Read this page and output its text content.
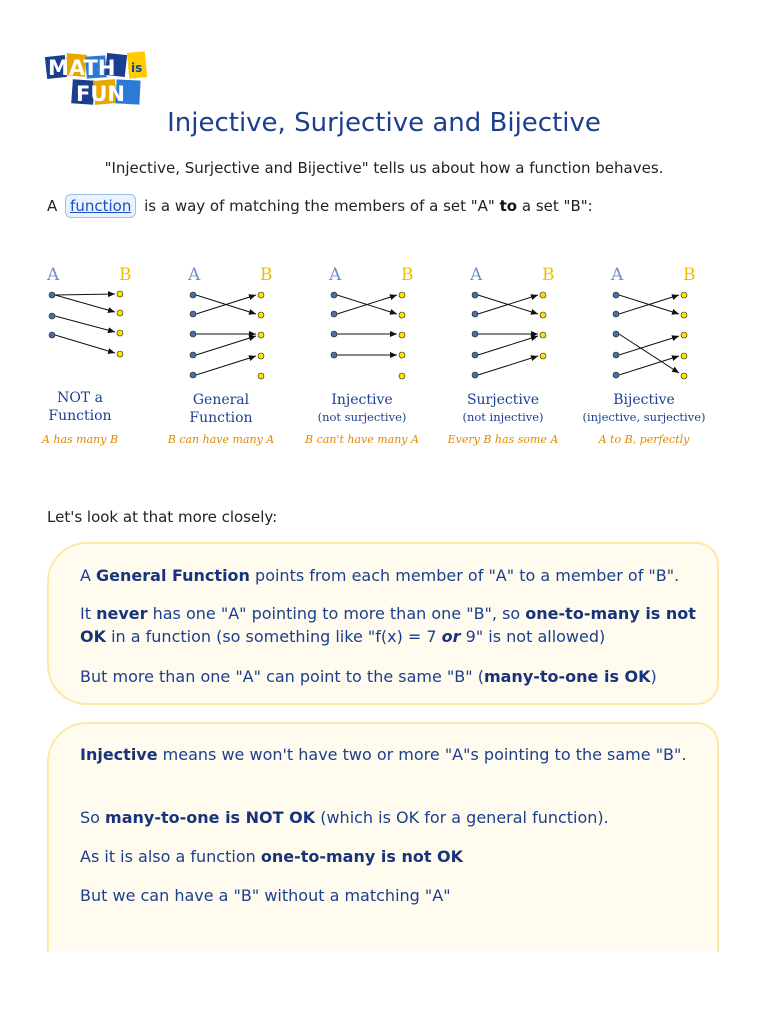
MATH is
FUN
Injective, Surjective and Bijective
"Injective, Surjective and Bijective" tells us about how a function behaves.
A function is a way of matching the members of a set "A" to a set "B":
A	B
NOT a
Function
A has many B
A	B
General
Function
B can have many A
A	B
Injective
(not surjective)
B can't have many A
A	B
Surjective
(not injective)
Every B has some A
A	B
Bijective
(injective, surjective)
A to B, perfectly
Let's look at that more closely:

A General Function points from each member of "A" to a member of "B".

It never has one "A" pointing to more than one "B", so one-to-many is not OK in a function (so something like "f(x) = 7 or 9" is not allowed)

But more than one "A" can point to the same "B" (many-to-one is OK)

Injective means we won't have two or more "A"s pointing to the same "B".

So many-to-one is NOT OK (which is OK for a general function).

As it is also a function one-to-many is not OK

But we can have a "B" without a matching "A"
